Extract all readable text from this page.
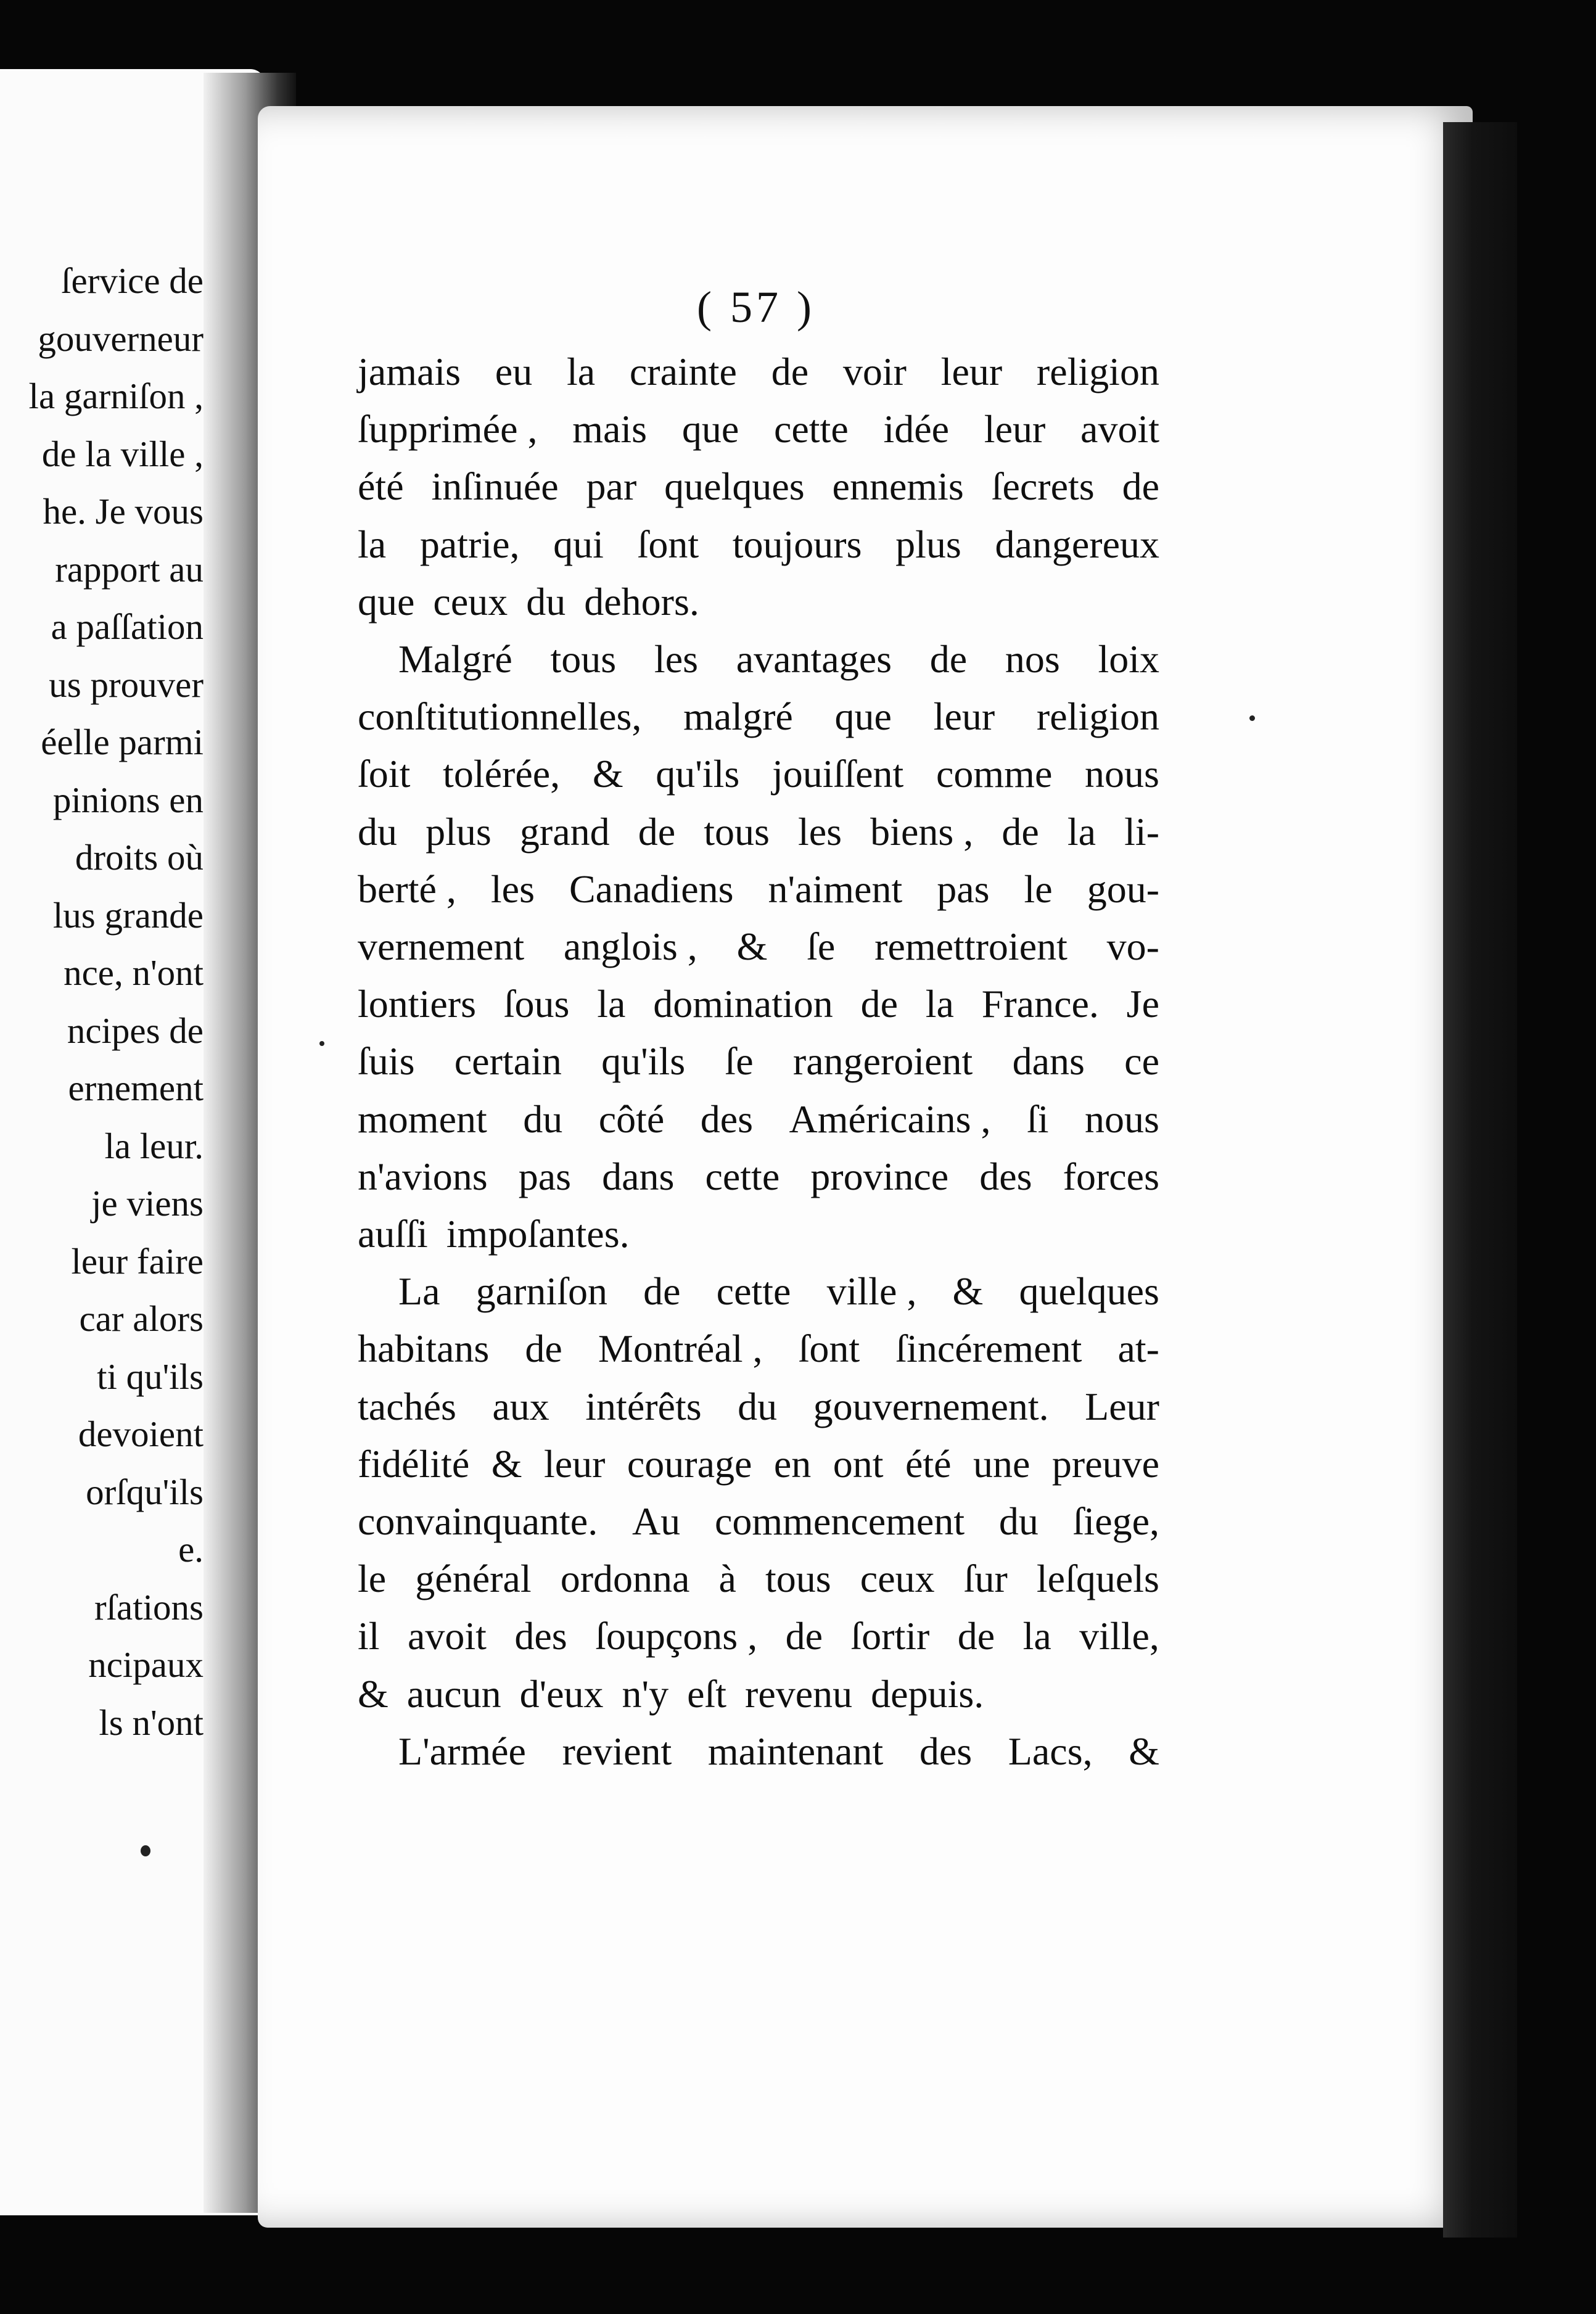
ſervice de
gouverneur
la garniſon ,
de la ville ,
he. Je vous
rapport au
a paſſation
us prouver
éelle parmi
pinions en
droits où
lus grande
nce, n'ont
ncipes de
ernement
la leur.
je viens
leur faire
car alors
ti qu'ils
devoient
orſqu'ils
e.
rſations
ncipaux
ls n'ont
( 57 )
jamais eu la crainte de voir leur religion
ſupprimée , mais que cette idée leur avoit
été inſinuée par quelques ennemis ſecrets de
la patrie, qui ſont toujours plus dangereux
que ceux du dehors.
Malgré tous les avantages de nos loix
conſtitutionnelles, malgré que leur religion
ſoit tolérée, & qu'ils jouiſſent comme nous
du plus grand de tous les biens , de la li-
berté , les Canadiens n'aiment pas le gou-
vernement anglois , & ſe remettroient vo-
lontiers ſous la domination de la France. Je
ſuis certain qu'ils ſe rangeroient dans ce
moment du côté des Américains , ſi nous
n'avions pas dans cette province des forces
auſſi impoſantes.
La garniſon de cette ville , & quelques
habitans de Montréal , ſont ſincérement at-
tachés aux intérêts du gouvernement. Leur
fidélité & leur courage en ont été une preuve
convainquante. Au commencement du ſiege,
le général ordonna à tous ceux ſur leſquels
il avoit des ſoupçons , de ſortir de la ville,
& aucun d'eux n'y eſt revenu depuis.
L'armée revient maintenant des Lacs, &
